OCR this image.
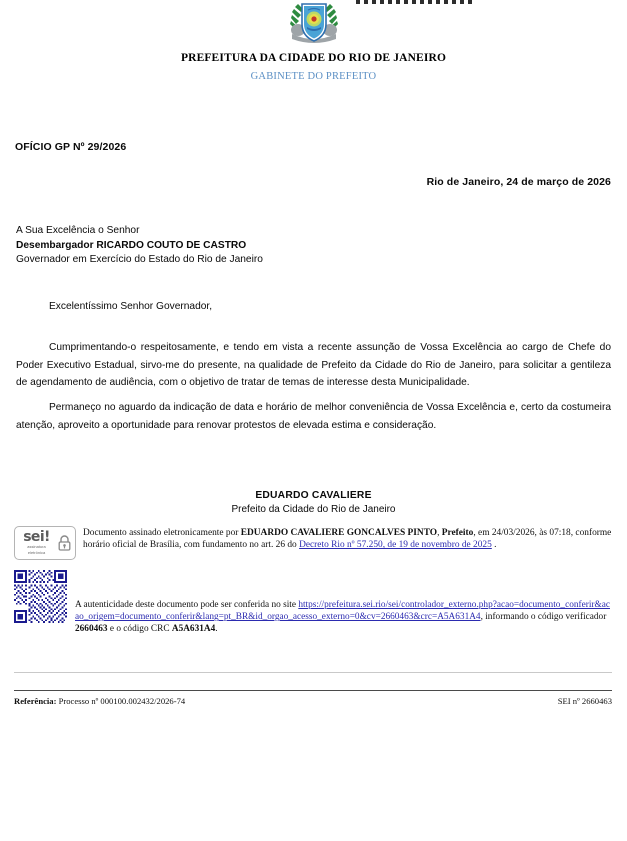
PREFEITURA DA CIDADE DO RIO DE JANEIRO
GABINETE DO PREFEITO
OFÍCIO GP Nº 29/2026
Rio de Janeiro, 24 de março de 2026
A Sua Excelência o Senhor
Desembargador RICARDO COUTO DE CASTRO
Governador em Exercício do Estado do Rio de Janeiro
Excelentíssimo Senhor Governador,
Cumprimentando-o respeitosamente, e tendo em vista a recente assunção de Vossa Excelência ao cargo de Chefe do Poder Executivo Estadual, sirvo-me do presente, na qualidade de Prefeito da Cidade do Rio de Janeiro, para solicitar a gentileza de agendamento de audiência, com o objetivo de tratar de temas de interesse desta Municipalidade.
Permaneço no aguardo da indicação de data e horário de melhor conveniência de Vossa Excelência e, certo da costumeira atenção, aproveito a oportunidade para renovar protestos de elevada estima e consideração.
EDUARDO CAVALIERE
Prefeito da Cidade do Rio de Janeiro
sei!
assinatura
eletrônica
Documento assinado eletronicamente por EDUARDO CAVALIERE GONCALVES PINTO, Prefeito, em 24/03/2026, às 07:18, conforme horário oficial de Brasília, com fundamento no art. 26 do Decreto Rio nº 57.250, de 19 de novembro de 2025 .
A autenticidade deste documento pode ser conferida no site https://prefeitura.sei.rio/sei/controlador_externo.php?acao=documento_conferir&acao_origem=documento_conferir&lang=pt_BR&id_orgao_acesso_externo=0&cv=2660463&crc=A5A631A4, informando o código verificador 2660463 e o código CRC A5A631A4.
Referência: Processo nº 000100.002432/2026-74	SEI nº 2660463
